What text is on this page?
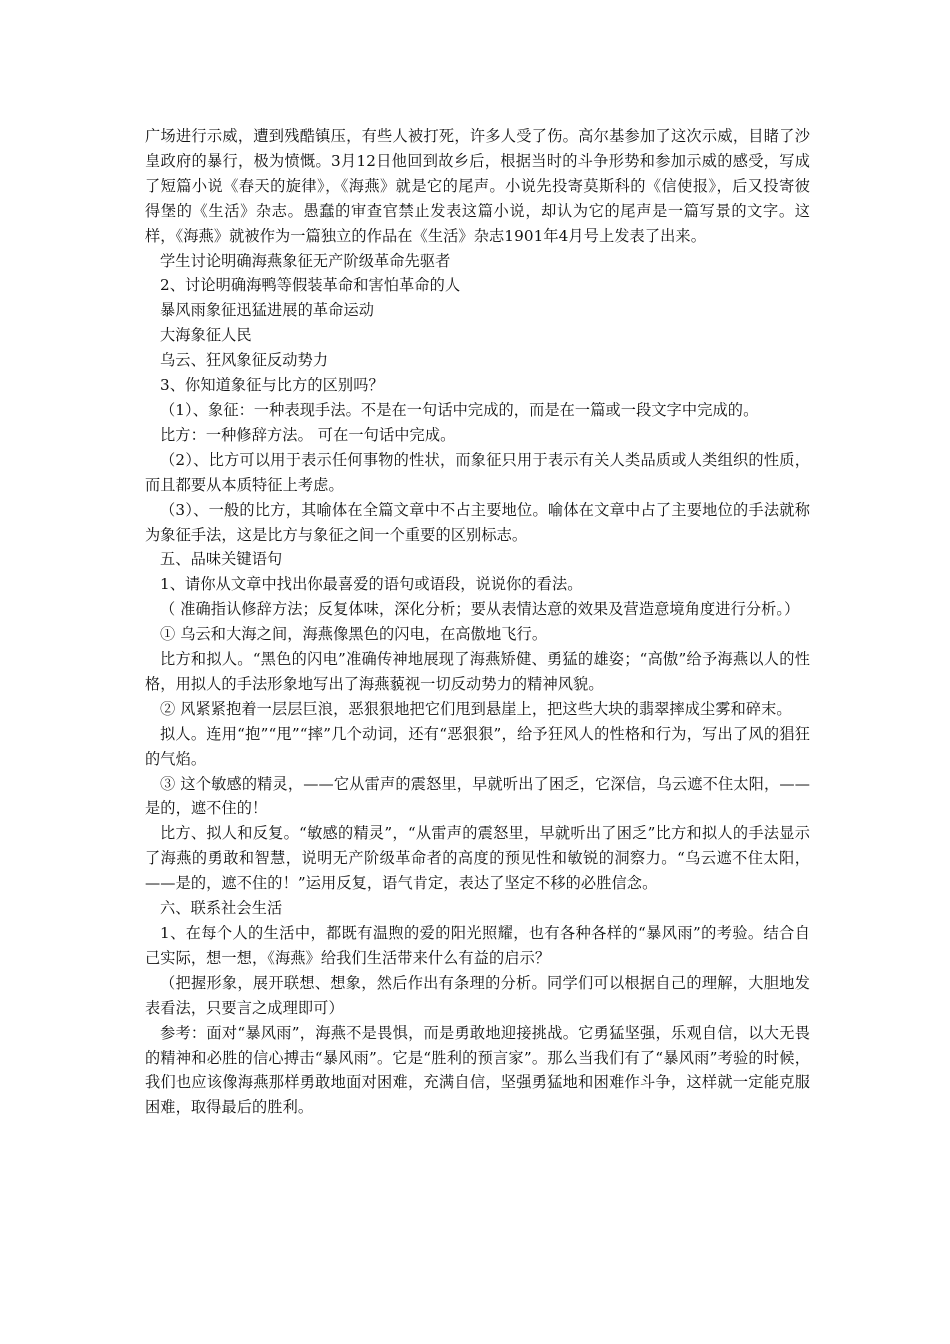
广场进行示威，遭到残酷镇压，有些人被打死，许多人受了伤。高尔基参加了这次示威，目睹了沙皇政府的暴行，极为愤慨。3月12日他回到故乡后，根据当时的斗争形势和参加示威的感受，写成了短篇小说《春天的旋律》，《海燕》就是它的尾声。小说先投寄莫斯科的《信使报》，后又投寄彼得堡的《生活》杂志。愚蠢的审查官禁止发表这篇小说，却认为它的尾声是一篇写景的文字。这样，《海燕》就被作为一篇独立的作品在《生活》杂志1901年4月号上发表了出来。

学生讨论明确海燕象征无产阶级革命先驱者

2、讨论明确海鸭等假装革命和害怕革命的人

暴风雨象征迅猛进展的革命运动

大海象征人民

乌云、狂风象征反动势力

3、你知道象征与比方的区别吗？

（1）、象征：一种表现手法。不是在一句话中完成的，而是在一篇或一段文字中完成的。

比方：一种修辞方法。 可在一句话中完成。

（2）、比方可以用于表示任何事物的性状，而象征只用于表示有关人类品质或人类组织的性质，而且都要从本质特征上考虑。

（3）、一般的比方，其喻体在全篇文章中不占主要地位。喻体在文章中占了主要地位的手法就称为象征手法，这是比方与象征之间一个重要的区别标志。

五、品味关键语句

1、请你从文章中找出你最喜爱的语句或语段，说说你的看法。

（ 准确指认修辞方法；反复体味，深化分析；要从表情达意的效果及营造意境角度进行分析。）

① 乌云和大海之间，海燕像黑色的闪电，在高傲地飞行。

比方和拟人。“黑色的闪电”准确传神地展现了海燕矫健、勇猛的雄姿；“高傲”给予海燕以人的性格，用拟人的手法形象地写出了海燕藐视一切反动势力的精神风貌。

② 风紧紧抱着一层层巨浪，恶狠狠地把它们甩到悬崖上，把这些大块的翡翠摔成尘雾和碎末。

拟人。连用“抱”“甩”“摔”几个动词，还有“恶狠狠”，给予狂风人的性格和行为，写出了风的猖狂的气焰。

③ 这个敏感的精灵，——它从雷声的震怒里，早就听出了困乏，它深信，乌云遮不住太阳，——是的，遮不住的！

比方、拟人和反复。“敏感的精灵”，“从雷声的震怒里，早就听出了困乏”比方和拟人的手法显示了海燕的勇敢和智慧，说明无产阶级革命者的高度的预见性和敏锐的洞察力。“乌云遮不住太阳，——是的，遮不住的！”运用反复，语气肯定，表达了坚定不移的必胜信念。

六、联系社会生活

1、在每个人的生活中，都既有温煦的爱的阳光照耀，也有各种各样的“暴风雨”的考验。结合自己实际，想一想，《海燕》给我们生活带来什么有益的启示？

（把握形象，展开联想、想象，然后作出有条理的分析。同学们可以根据自己的理解，大胆地发表看法，只要言之成理即可）

参考：面对“暴风雨”，海燕不是畏惧，而是勇敢地迎接挑战。它勇猛坚强，乐观自信，以大无畏的精神和必胜的信心搏击“暴风雨”。它是“胜利的预言家”。那么当我们有了“暴风雨”考验的时候，我们也应该像海燕那样勇敢地面对困难，充满自信，坚强勇猛地和困难作斗争，这样就一定能克服困难，取得最后的胜利。
